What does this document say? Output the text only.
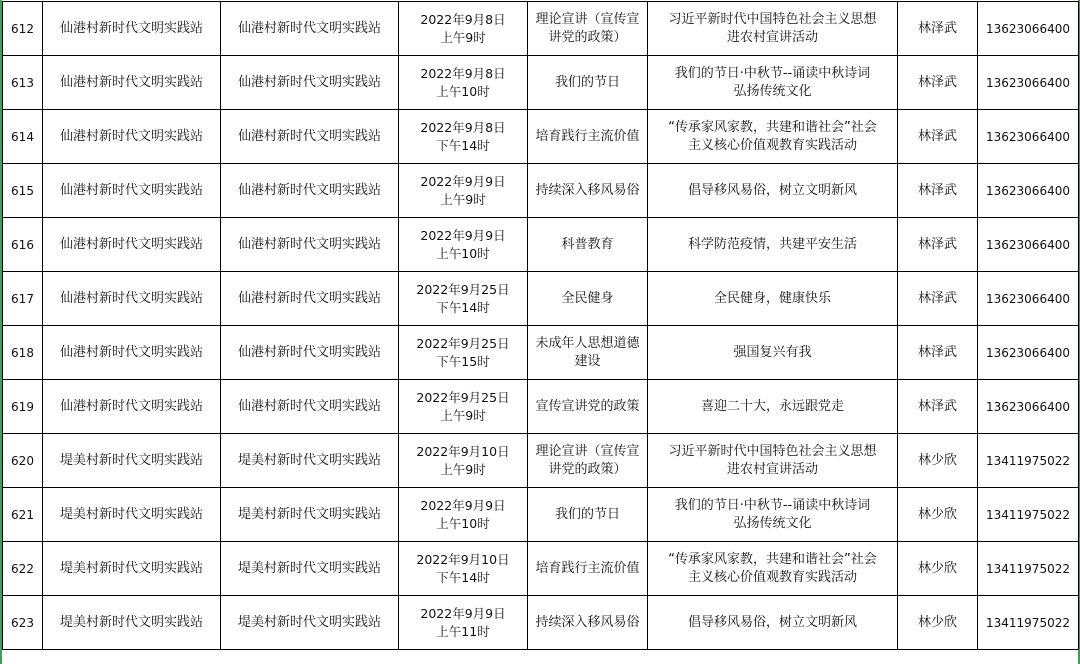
612	仙港村新时代文明实践站	仙港村新时代文明实践站	2022年9月8日
上午9时	理论宣讲（宣传宣
讲党的政策）	习近平新时代中国特色社会主义思想
进农村宣讲活动	林泽武	13623066400

613	仙港村新时代文明实践站	仙港村新时代文明实践站	2022年9月8日
上午10时	我们的节日	我们的节日·中秋节--诵读中秋诗词
弘扬传统文化	林泽武	13623066400

614	仙港村新时代文明实践站	仙港村新时代文明实践站	2022年9月8日
下午14时	培育践行主流价值	“传承家风家教，共建和谐社会”社会
主义核心价值观教育实践活动	林泽武	13623066400

615	仙港村新时代文明实践站	仙港村新时代文明实践站	2022年9月9日
上午9时	持续深入移风易俗	倡导移风易俗，树立文明新风	林泽武	13623066400

616	仙港村新时代文明实践站	仙港村新时代文明实践站	2022年9月9日
上午10时	科普教育	科学防范疫情，共建平安生活	林泽武	13623066400

617	仙港村新时代文明实践站	仙港村新时代文明实践站	2022年9月25日
下午14时	全民健身	全民健身，健康快乐	林泽武	13623066400

618	仙港村新时代文明实践站	仙港村新时代文明实践站	2022年9月25日
下午15时	未成年人思想道德
建设	强国复兴有我	林泽武	13623066400

619	仙港村新时代文明实践站	仙港村新时代文明实践站	2022年9月25日
上午9时	宣传宣讲党的政策	喜迎二十大，永远跟党走	林泽武	13623066400

620	堤美村新时代文明实践站	堤美村新时代文明实践站	2022年9月10日
上午9时	理论宣讲（宣传宣
讲党的政策）	习近平新时代中国特色社会主义思想
进农村宣讲活动	林少欣	13411975022

621	堤美村新时代文明实践站	堤美村新时代文明实践站	2022年9月9日
上午10时	我们的节日	我们的节日·中秋节--诵读中秋诗词
弘扬传统文化	林少欣	13411975022

622	堤美村新时代文明实践站	堤美村新时代文明实践站	2022年9月10日
下午14时	培育践行主流价值	“传承家风家教，共建和谐社会”社会
主义核心价值观教育实践活动	林少欣	13411975022

623	堤美村新时代文明实践站	堤美村新时代文明实践站	2022年9月9日
上午11时	持续深入移风易俗	倡导移风易俗，树立文明新风	林少欣	13411975022
